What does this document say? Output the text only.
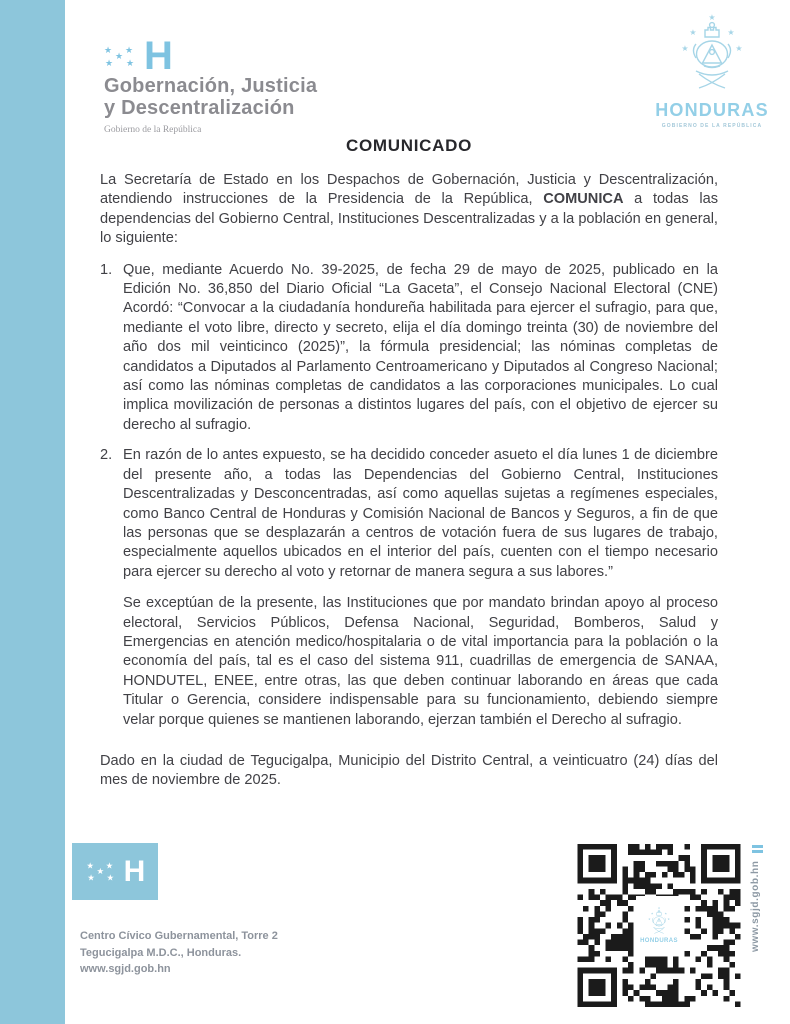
★
★
★
★
★ H
Gobernación, Justicia
y Descentralización
Gobierno de la República
HONDURAS
GOBIERNO DE LA REPÚBLICA
COMUNICADO

La Secretaría de Estado en los Despachos de Gobernación, Justicia y Descentralización, atendiendo instrucciones de la Presidencia de la República, COMUNICA a todas las dependencias del Gobierno Central, Instituciones Descentralizadas y a la población en general, lo siguiente:

1. Que, mediante Acuerdo No. 39-2025, de fecha 29 de mayo de 2025, publicado en la Edición No. 36,850 del Diario Oficial “La Gaceta”, el Consejo Nacional Electoral (CNE) Acordó: “Convocar a la ciudadanía hondureña habilitada para ejercer el sufragio, para que, mediante el voto libre, directo y secreto, elija el día domingo treinta (30) de noviembre del año dos mil veinticinco (2025)”, la fórmula presidencial; las nóminas completas de candidatos a Diputados al Parlamento Centroamericano y Diputados al Congreso Nacional; así como las nóminas completas de candidatos a las corporaciones municipales. Lo cual implica movilización de personas a distintos lugares del país, con el objetivo de ejercer su derecho al sufragio.

2. En razón de lo antes expuesto, se ha decidido conceder asueto el día lunes 1 de diciembre del presente año, a todas las Dependencias del Gobierno Central, Instituciones Descentralizadas y Desconcentradas, así como aquellas sujetas a regímenes especiales, como Banco Central de Honduras y Comisión Nacional de Bancos y Seguros, a fin de que las personas que se desplazarán a centros de votación fuera de sus lugares de trabajo, especialmente aquellos ubicados en el interior del país, cuenten con el tiempo necesario para ejercer su derecho al voto y retornar de manera segura a sus labores.”

Se exceptúan de la presente, las Instituciones que por mandato brindan apoyo al proceso electoral, Servicios Públicos, Defensa Nacional, Seguridad, Bomberos, Salud y Emergencias en atención medico/hospitalaria o de vital importancia para la población o la economía del país, tal es el caso del sistema 911, cuadrillas de emergencia de SANAA, HONDUTEL, ENEE, entre otras, las que deben continuar laborando en áreas que cada Titular o Gerencia, considere indispensable para su funcionamiento, debiendo siempre velar porque quienes se mantienen laborando, ejerzan también el Derecho al sufragio.

Dado en la ciudad de Tegucigalpa, Municipio del Distrito Central, a veinticuatro (24) días del mes de noviembre de 2025.

★
★
★
★
★ H
Centro Cívico Gubernamental, Torre 2
Tegucigalpa M.D.C., Honduras.
www.sgjd.gob.hn
HONDURAS	www.sgjd.gob.hn
